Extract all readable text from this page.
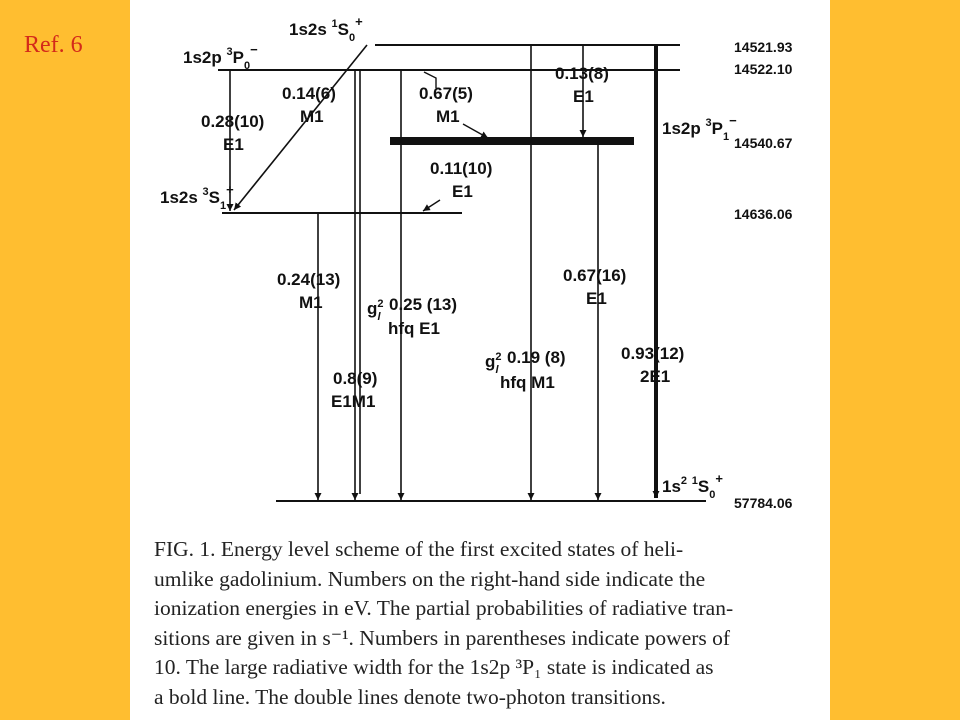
Ref. 6
1s2s $^1S_0^+$
1s2p $^3P_0^-$
1s2p $^3P_1^-$
1s2s $^3S_1^+$
$1s^2$ $^1S_0^+$
14521.93
14522.10
14540.67
14636.06
57784.06
0.28(10)
E1
0.14(6)
M1
0.67(5)
M1
0.13(8)
E1
0.11(10)
E1
0.24(13)
M1
0.8(9)
E1M1
$g^2$ l
0.25 (13)
hfq E1
$g^2$ l
0.19 (8)
hfq M1
0.67(16)
E1
0.93(12)
2E1
FIG. 1. Energy level scheme of the first excited states of heli-
umlike gadolinium. Numbers on the right-hand side indicate the
ionization energies in eV. The partial probabilities of radiative tran-
sitions are given in s⁻¹. Numbers in parentheses indicate powers of
10. The large radiative width for the 1s2p ³P₁ state is indicated as
a bold line. The double lines denote two-photon transitions.
